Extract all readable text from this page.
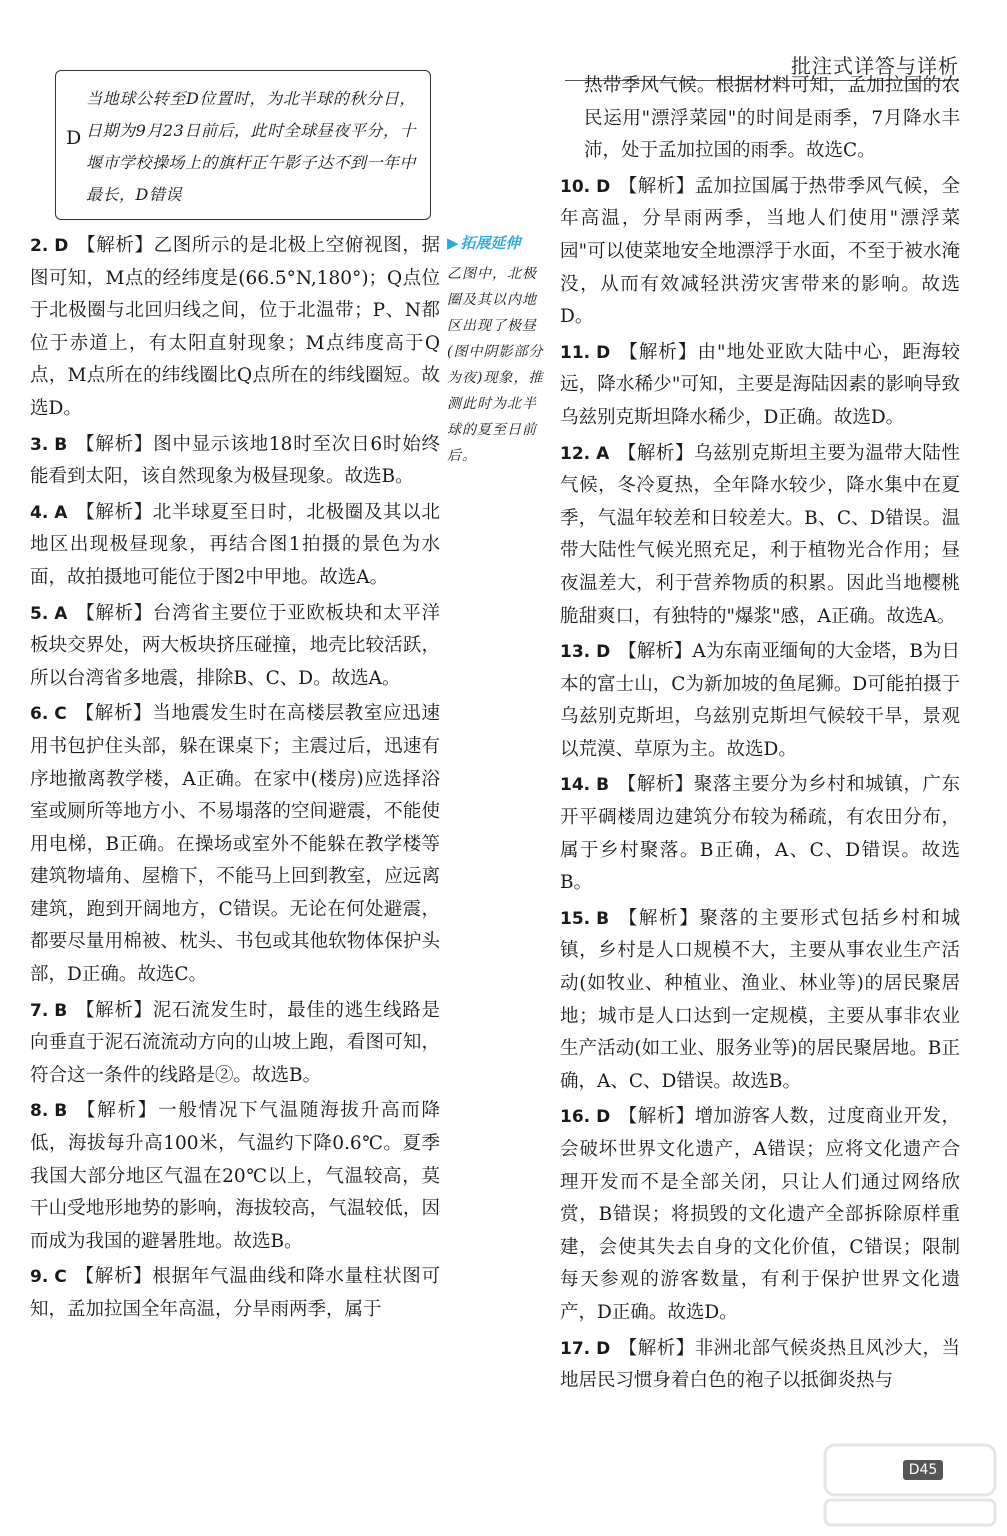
批注式详答与详析
D
当地球公转至D位置时，为北半球的秋分日，日期为9月23日前后，此时全球昼夜平分，十堰市学校操场上的旗杆正午影子达不到一年中最长，D错误
2. D 【解析】乙图所示的是北极上空俯视图，据图可知，M点的经纬度是(66.5°N,180°)；Q点位于北极圈与北回归线之间，位于北温带；P、N都位于赤道上，有太阳直射现象；M点纬度高于Q点，M点所在的纬线圈比Q点所在的纬线圈短。故选D。
3. B 【解析】图中显示该地18时至次日6时始终能看到太阳，该自然现象为极昼现象。故选B。
4. A 【解析】北半球夏至日时，北极圈及其以北地区出现极昼现象，再结合图1拍摄的景色为水面，故拍摄地可能位于图2中甲地。故选A。
5. A 【解析】台湾省主要位于亚欧板块和太平洋板块交界处，两大板块挤压碰撞，地壳比较活跃，所以台湾省多地震，排除B、C、D。故选A。
6. C 【解析】当地震发生时在高楼层教室应迅速用书包护住头部，躲在课桌下；主震过后，迅速有序地撤离教学楼，A正确。在家中(楼房)应选择浴室或厕所等地方小、不易塌落的空间避震，不能使用电梯，B正确。在操场或室外不能躲在教学楼等建筑物墙角、屋檐下，不能马上回到教室，应远离建筑，跑到开阔地方，C错误。无论在何处避震，都要尽量用棉被、枕头、书包或其他软物体保护头部，D正确。故选C。
7. B 【解析】泥石流发生时，最佳的逃生线路是向垂直于泥石流流动方向的山坡上跑，看图可知，符合这一条件的线路是②。故选B。
8. B 【解析】一般情况下气温随海拔升高而降低，海拔每升高100米，气温约下降0.6℃。夏季我国大部分地区气温在20℃以上，气温较高，莫干山受地形地势的影响，海拔较高，气温较低，因而成为我国的避暑胜地。故选B。
9. C 【解析】根据年气温曲线和降水量柱状图可知，孟加拉国全年高温，分旱雨两季，属于
▶ 拓展延伸
乙图中，北极圈及其以内地区出现了极昼(图中阴影部分为夜)现象，推测此时为北半球的夏至日前后。
热带季风气候。根据材料可知，孟加拉国的农民运用"漂浮菜园"的时间是雨季，7月降水丰沛，处于孟加拉国的雨季。故选C。
10. D 【解析】孟加拉国属于热带季风气候，全年高温，分旱雨两季，当地人们使用"漂浮菜园"可以使菜地安全地漂浮于水面，不至于被水淹没，从而有效减轻洪涝灾害带来的影响。故选D。
11. D 【解析】由"地处亚欧大陆中心，距海较远，降水稀少"可知，主要是海陆因素的影响导致乌兹别克斯坦降水稀少，D正确。故选D。
12. A 【解析】乌兹别克斯坦主要为温带大陆性气候，冬冷夏热，全年降水较少，降水集中在夏季，气温年较差和日较差大。B、C、D错误。温带大陆性气候光照充足，利于植物光合作用；昼夜温差大，利于营养物质的积累。因此当地樱桃脆甜爽口，有独特的"爆浆"感，A正确。故选A。
13. D 【解析】A为东南亚缅甸的大金塔，B为日本的富士山，C为新加坡的鱼尾狮。D可能拍摄于乌兹别克斯坦，乌兹别克斯坦气候较干旱，景观以荒漠、草原为主。故选D。
14. B 【解析】聚落主要分为乡村和城镇，广东开平碉楼周边建筑分布较为稀疏，有农田分布，属于乡村聚落。B正确，A、C、D错误。故选B。
15. B 【解析】聚落的主要形式包括乡村和城镇，乡村是人口规模不大，主要从事农业生产活动(如牧业、种植业、渔业、林业等)的居民聚居地；城市是人口达到一定规模，主要从事非农业生产活动(如工业、服务业等)的居民聚居地。B正确，A、C、D错误。故选B。
16. D 【解析】增加游客人数，过度商业开发，会破坏世界文化遗产，A错误；应将文化遗产合理开发而不是全部关闭，只让人们通过网络欣赏，B错误；将损毁的文化遗产全部拆除原样重建，会使其失去自身的文化价值，C错误；限制每天参观的游客数量，有利于保护世界文化遗产，D正确。故选D。
17. D 【解析】非洲北部气候炎热且风沙大，当地居民习惯身着白色的袍子以抵御炎热与
D45
